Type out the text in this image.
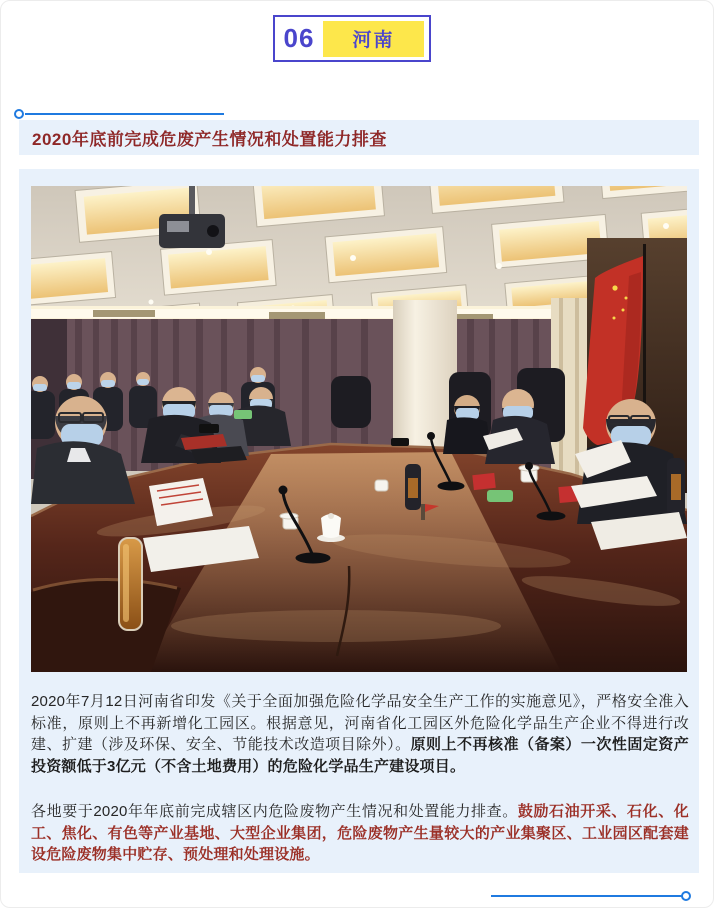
06	河南
2020年底前完成危废产生情况和处置能力排查

2020年7月12日河南省印发《关于全面加强危险化学品安全生产工作的实施意见》，严格安全准入标准，原则上不再新增化工园区。根据意见，河南省化工园区外危险化学品生产企业不得进行改建、扩建（涉及环保、安全、节能技术改造项目除外）。原则上不再核准（备案）一次性固定资产投资额低于3亿元（不含土地费用）的危险化学品生产建设项目。

各地要于2020年年底前完成辖区内危险废物产生情况和处置能力排查。鼓励石油开采、石化、化工、焦化、有色等产业基地、大型企业集团，危险废物产生量较大的产业集聚区、工业园区配套建设危险废物集中贮存、预处理和处理设施。
